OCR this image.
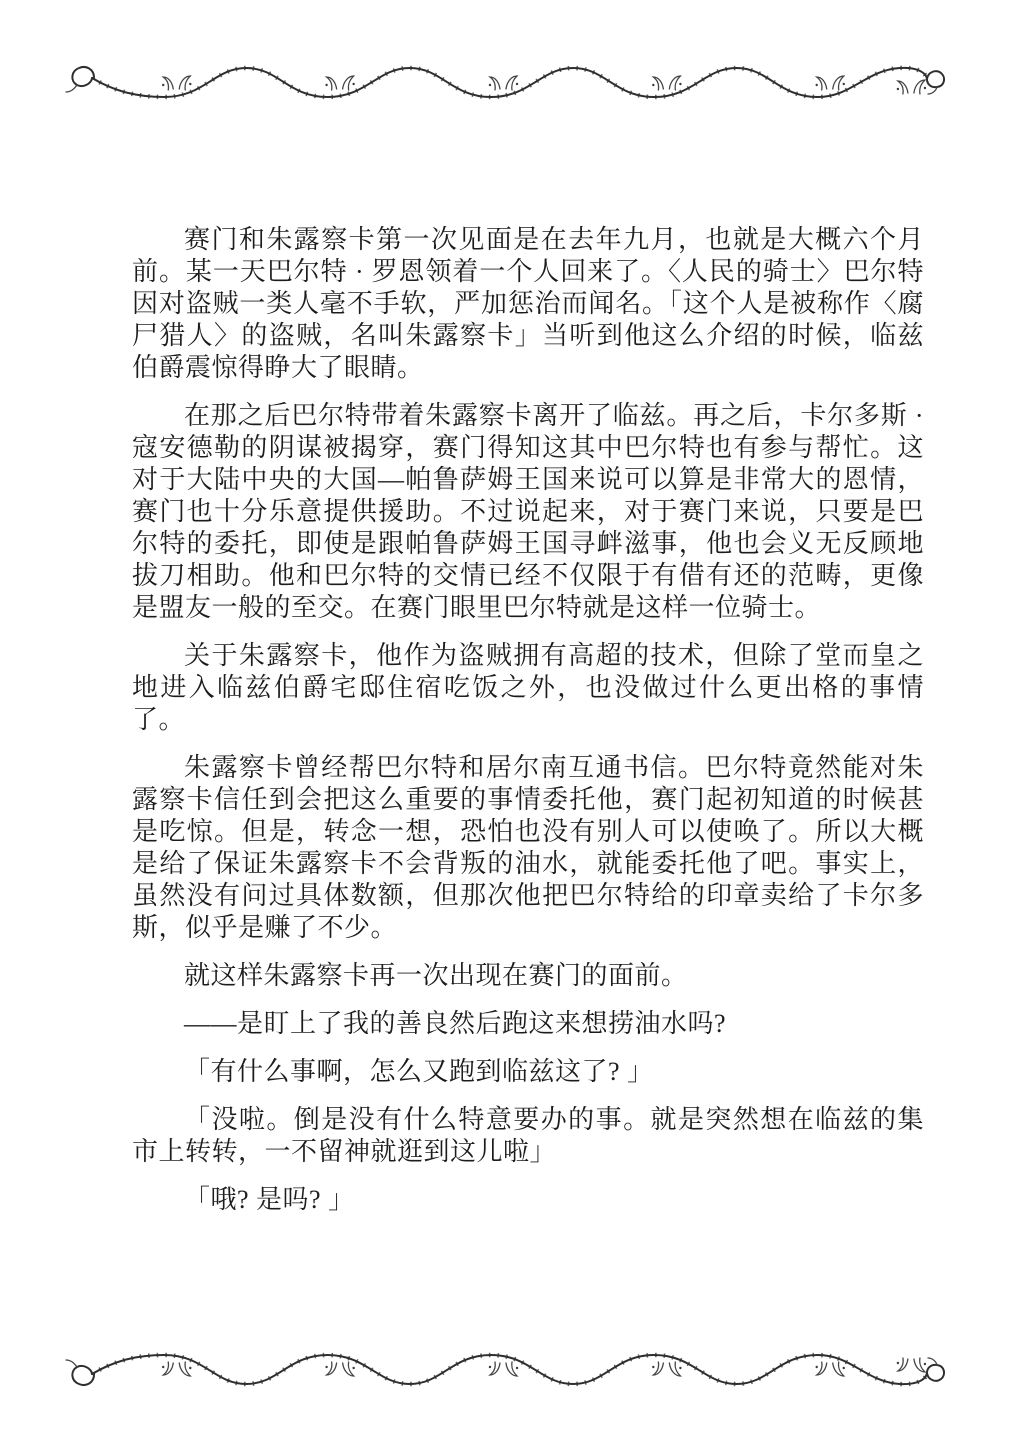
赛门和朱露察卡第一次见面是在去年九月，也就是大概六个月前。某一天巴尔特 · 罗恩领着一个人回来了。〈人民的骑士〉巴尔特因对盗贼一类人毫不手软，严加惩治而闻名。「这个人是被称作〈腐尸猎人〉的盗贼，名叫朱露察卡」当听到他这么介绍的时候，临兹伯爵震惊得睁大了眼睛。

在那之后巴尔特带着朱露察卡离开了临兹。再之后，卡尔多斯 · 寇安德勒的阴谋被揭穿，赛门得知这其中巴尔特也有参与帮忙。这对于大陆中央的大国—帕鲁萨姆王国来说可以算是非常大的恩情，赛门也十分乐意提供援助。不过说起来，对于赛门来说，只要是巴尔特的委托，即使是跟帕鲁萨姆王国寻衅滋事，他也会义无反顾地拔刀相助。他和巴尔特的交情已经不仅限于有借有还的范畴，更像是盟友一般的至交。在赛门眼里巴尔特就是这样一位骑士。

关于朱露察卡，他作为盗贼拥有高超的技术，但除了堂而皇之地进入临兹伯爵宅邸住宿吃饭之外，也没做过什么更出格的事情了。

朱露察卡曾经帮巴尔特和居尔南互通书信。巴尔特竟然能对朱露察卡信任到会把这么重要的事情委托他，赛门起初知道的时候甚是吃惊。但是，转念一想，恐怕也没有别人可以使唤了。所以大概是给了保证朱露察卡不会背叛的油水，就能委托他了吧。事实上，虽然没有问过具体数额，但那次他把巴尔特给的印章卖给了卡尔多斯，似乎是赚了不少。

就这样朱露察卡再一次出现在赛门的面前。

——是盯上了我的善良然后跑这来想捞油水吗?

「有什么事啊，怎么又跑到临兹这了? 」

「没啦。倒是没有什么特意要办的事。就是突然想在临兹的集市上转转，一不留神就逛到这儿啦」

「哦? 是吗? 」
